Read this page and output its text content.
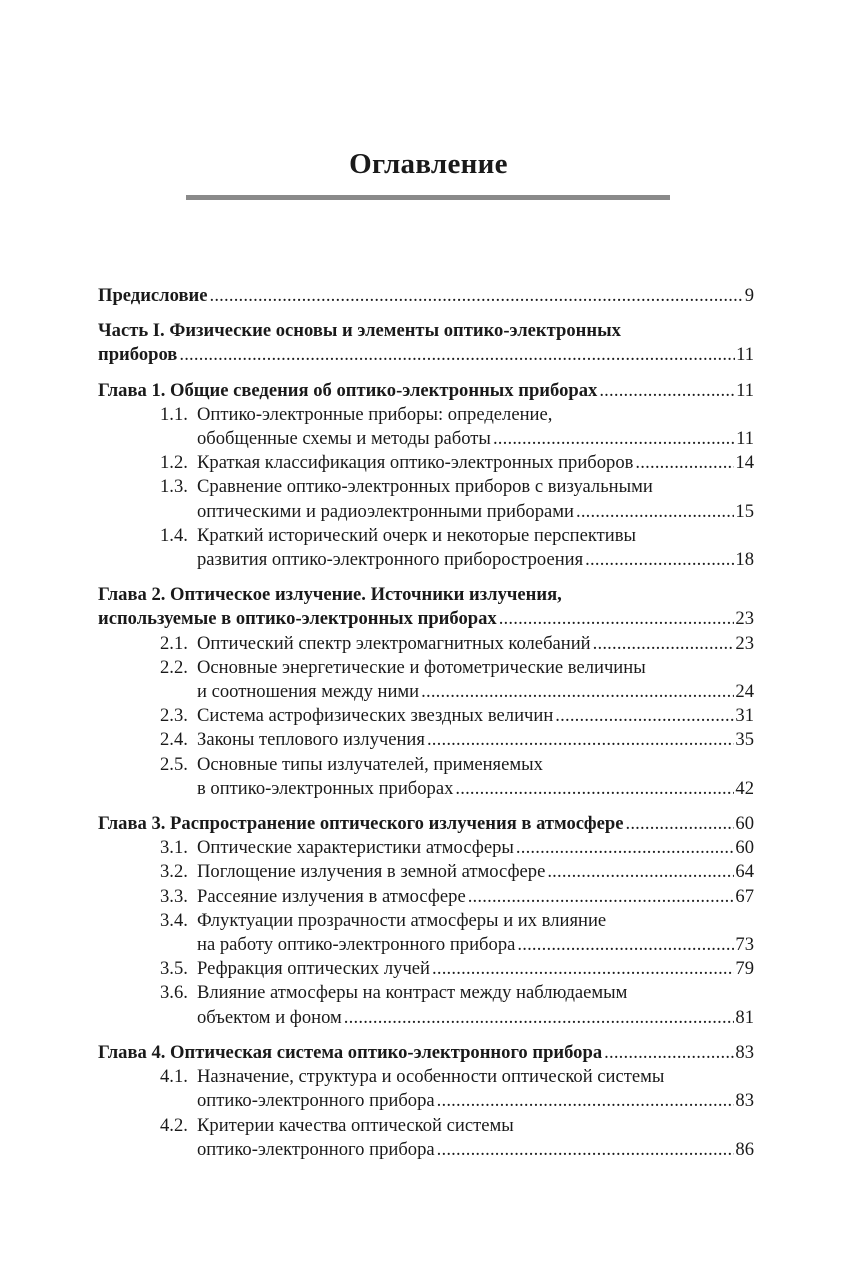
Оглавление
Предисловие .....	9
Часть I. Физические основы и элементы оптико-электронных
приборов .....	11
Глава 1. Общие сведения об оптико-электронных приборах .....	11
1.1. Оптико-электронные приборы: определение,
обобщенные схемы и методы работы .....	11
1.2. Краткая классификация оптико-электронных приборов .....	14
1.3. Сравнение оптико-электронных приборов с визуальными
оптическими и радиоэлектронными приборами .....	15
1.4. Краткий исторический очерк и некоторые перспективы
развития оптико-электронного приборостроения .....	18
Глава 2. Оптическое излучение. Источники излучения,
используемые в оптико-электронных приборах .....	23
2.1. Оптический спектр электромагнитных колебаний .....	23
2.2. Основные энергетические и фотометрические величины
и соотношения между ними .....	24
2.3. Система астрофизических звездных величин .....	31
2.4. Законы теплового излучения .....	35
2.5. Основные типы излучателей, применяемых
в оптико-электронных приборах .....	42
Глава 3. Распространение оптического излучения в атмосфере .....	60
3.1. Оптические характеристики атмосферы .....	60
3.2. Поглощение излучения в земной атмосфере .....	64
3.3. Рассеяние излучения в атмосфере .....	67
3.4. Флуктуации прозрачности атмосферы и их влияние
на работу оптико-электронного прибора .....	73
3.5. Рефракция оптических лучей .....	79
3.6. Влияние атмосферы на контраст между наблюдаемым
объектом и фоном .....	81
Глава 4. Оптическая система оптико-электронного прибора .....	83
4.1. Назначение, структура и особенности оптической системы
оптико-электронного прибора .....	83
4.2. Критерии качества оптической системы
оптико-электронного прибора .....	86
